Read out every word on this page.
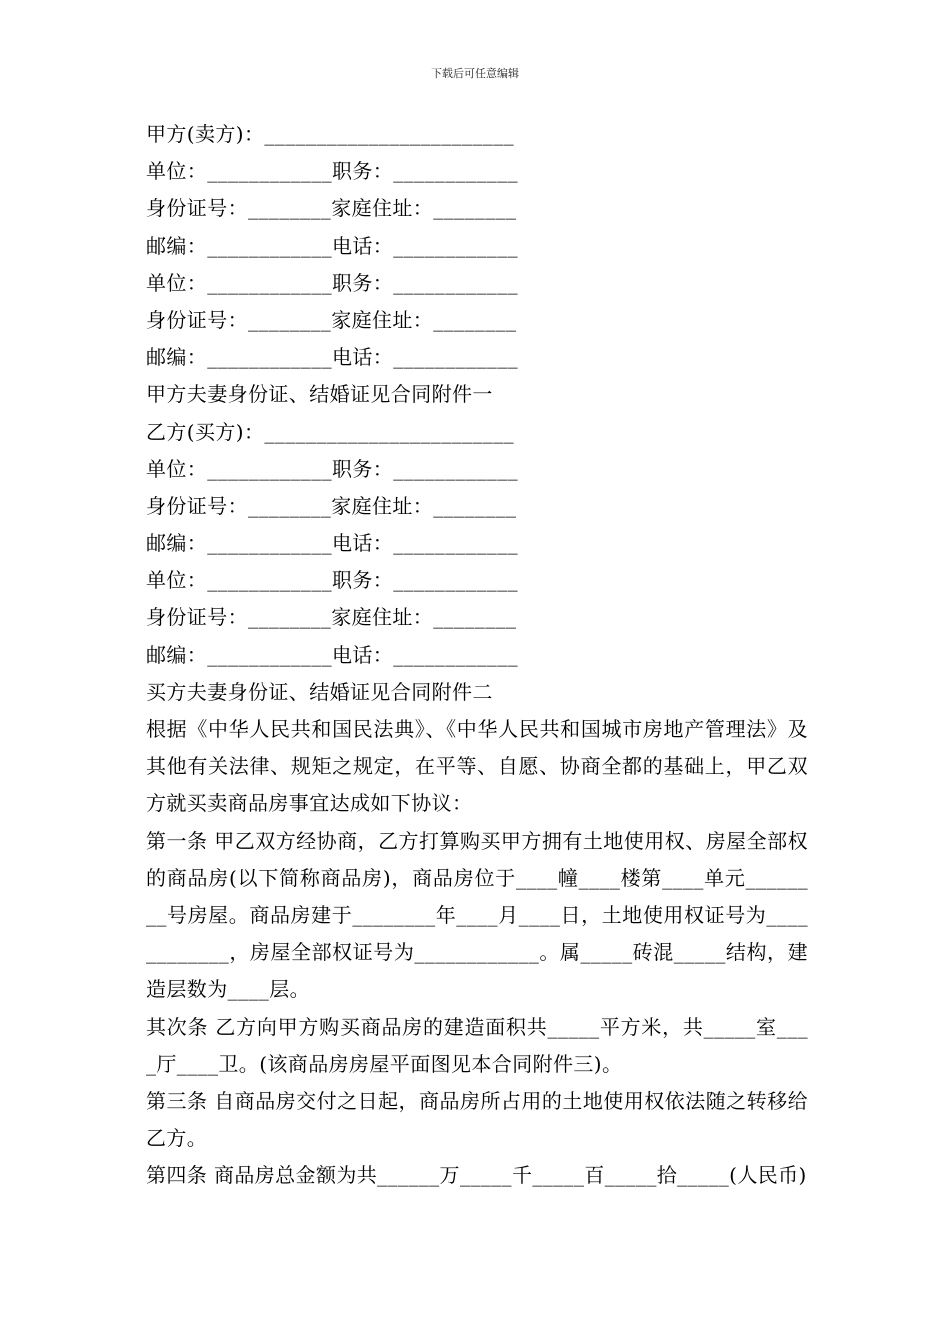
下载后可任意编辑
甲方(卖方)：________________________
单位：____________职务：____________
身份证号：________家庭住址：________
邮编：____________电话：____________
单位：____________职务：____________
身份证号：________家庭住址：________
邮编：____________电话：____________
甲方夫妻身份证、结婚证见合同附件一
乙方(买方)：________________________
单位：____________职务：____________
身份证号：________家庭住址：________
邮编：____________电话：____________
单位：____________职务：____________
身份证号：________家庭住址：________
邮编：____________电话：____________
买方夫妻身份证、结婚证见合同附件二
根据《中华人民共和国民法典》、《中华人民共和国城市房地产管理法》及其他有关法律、规矩之规定，在平等、自愿、协商全都的基础上，甲乙双方就买卖商品房事宜达成如下协议：
第一条 甲乙双方经协商，乙方打算购买甲方拥有土地使用权、房屋全部权的商品房(以下简称商品房)，商品房位于____幢____楼第____单元________号房屋。商品房建于________年____月____日，土地使用权证号为____________，房屋全部权证号为____________。属_____砖混_____结构，建造层数为____层。
其次条 乙方向甲方购买商品房的建造面积共_____平方米，共_____室____厅____卫。(该商品房房屋平面图见本合同附件三)。
第三条 自商品房交付之日起，商品房所占用的土地使用权依法随之转移给乙方。
第四条 商品房总金额为共______万_____千_____百_____拾_____(人民币)
